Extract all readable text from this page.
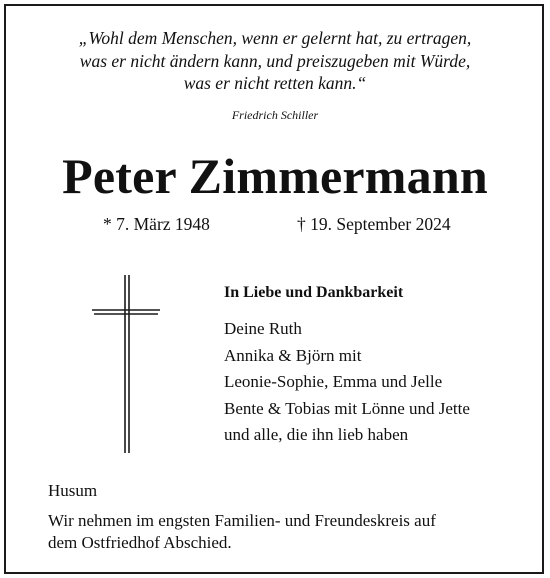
„Wohl dem Menschen, wenn er gelernt hat, zu ertragen,
was er nicht ändern kann, und preiszugeben mit Würde,
was er nicht retten kann.“
Friedrich Schiller
Peter Zimmermann
* 7. März 1948	† 19. September 2024
In Liebe und Dankbarkeit
Deine Ruth
Annika & Björn mit
Leonie-Sophie, Emma und Jelle
Bente & Tobias mit Lönne und Jette
und alle, die ihn lieb haben
Husum
Wir nehmen im engsten Familien- und Freundeskreis auf
dem Ostfriedhof Abschied.
